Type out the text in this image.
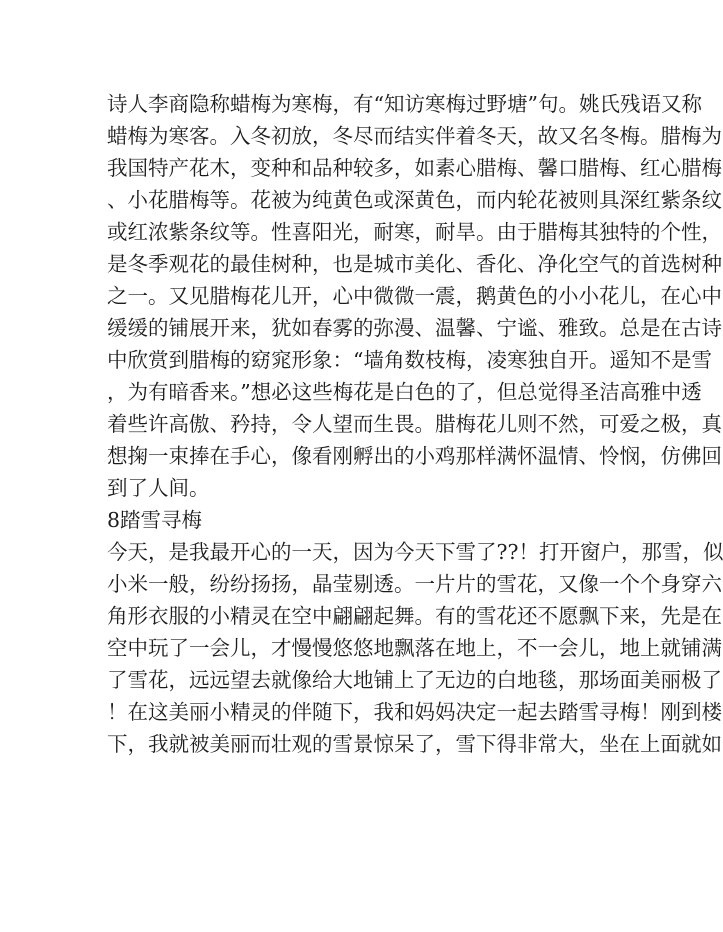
诗人李商隐称蜡梅为寒梅，有“知访寒梅过野塘”句。姚氏残语又称

蜡梅为寒客。入冬初放，冬尽而结实伴着冬天，故又名冬梅。腊梅为

我国特产花木，变种和品种较多，如素心腊梅、馨口腊梅、红心腊梅

、小花腊梅等。花被为纯黄色或深黄色，而内轮花被则具深红紫条纹

或红浓紫条纹等。性喜阳光，耐寒，耐旱。由于腊梅其独特的个性，

是冬季观花的最佳树种，也是城市美化、香化、净化空气的首选树种

之一。又见腊梅花儿开，心中微微一震，鹅黄色的小小花儿，在心中

缓缓的铺展开来，犹如春雾的弥漫、温馨、宁谧、雅致。总是在古诗

中欣赏到腊梅的窈窕形象：“墙角数枝梅，凌寒独自开。遥知不是雪

，为有暗香来。”想必这些梅花是白色的了，但总觉得圣洁高雅中透

着些许高傲、矜持，令人望而生畏。腊梅花儿则不然，可爱之极，真

想掬一束捧在手心，像看刚孵出的小鸡那样满怀温情、怜悯，仿佛回

到了人间。

8踏雪寻梅

今天，是我最开心的一天，因为今天下雪了??！打开窗户，那雪，似

小米一般，纷纷扬扬，晶莹剔透。一片片的雪花，又像一个个身穿六

角形衣服的小精灵在空中翩翩起舞。有的雪花还不愿飘下来，先是在

空中玩了一会儿，才慢慢悠悠地飘落在地上，不一会儿，地上就铺满

了雪花，远远望去就像给大地铺上了无边的白地毯，那场面美丽极了

！在这美丽小精灵的伴随下，我和妈妈决定一起去踏雪寻梅！刚到楼

下，我就被美丽而壮观的雪景惊呆了，雪下得非常大，坐在上面就如
